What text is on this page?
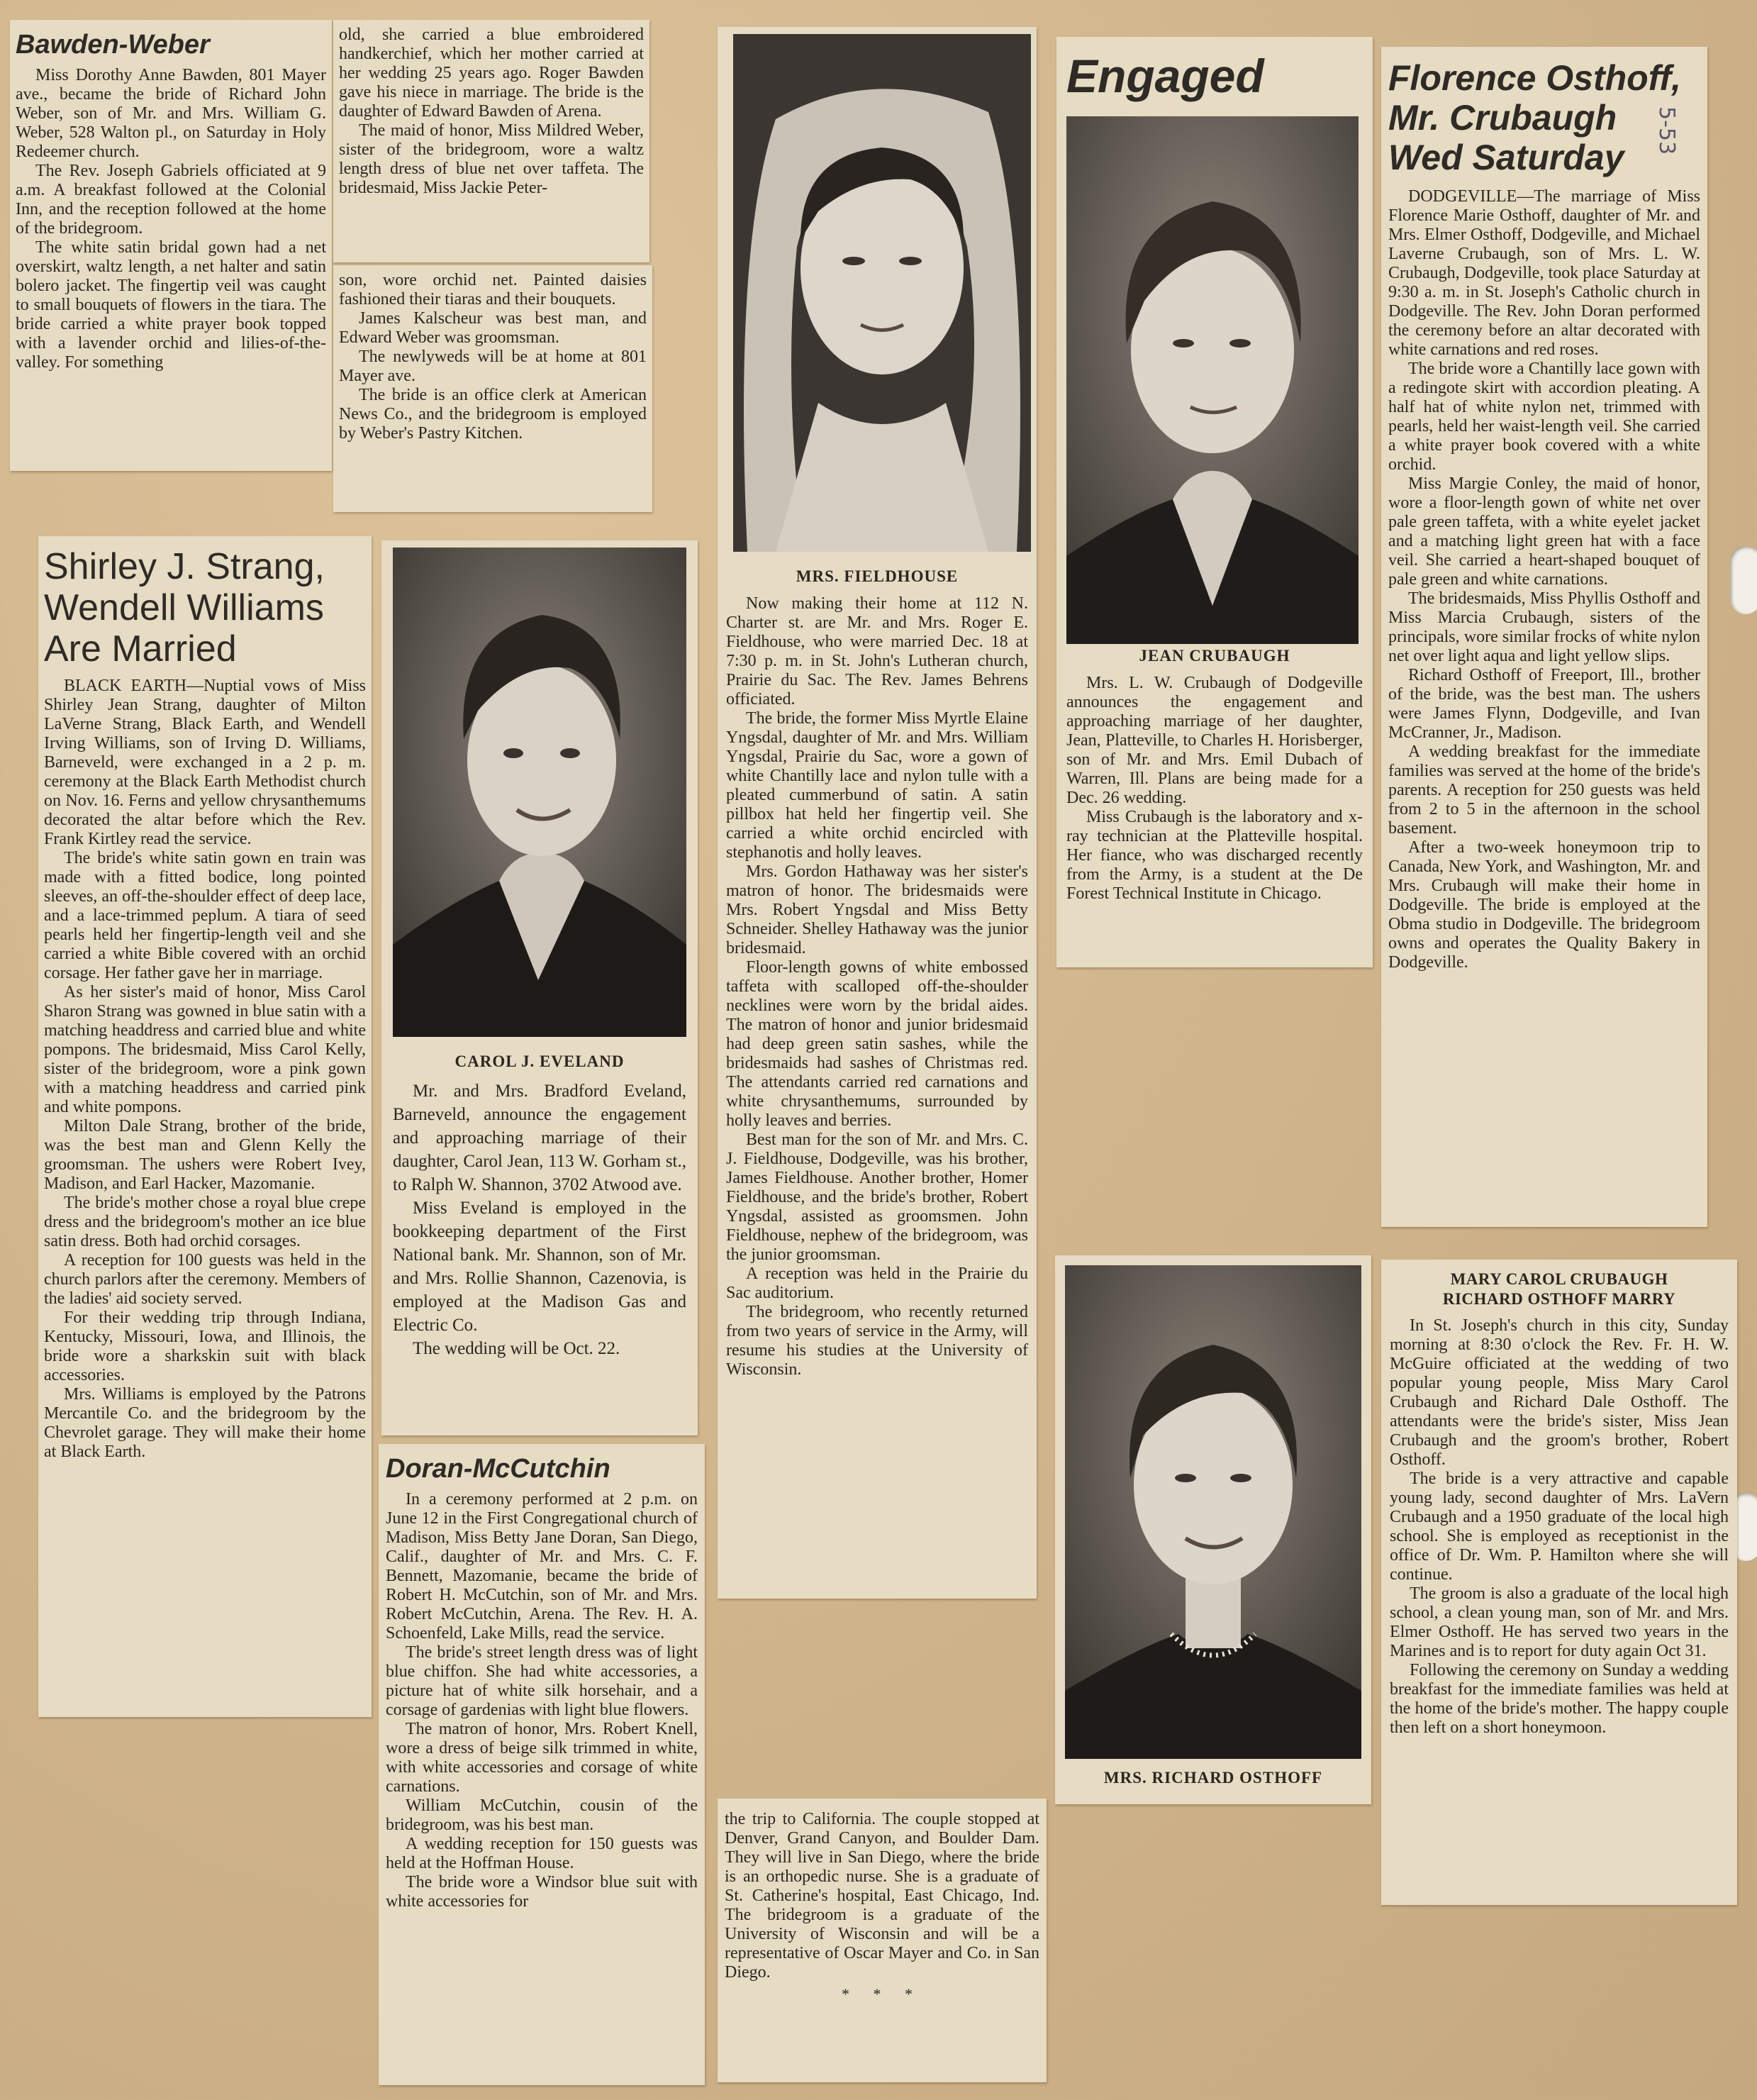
Bawden-Weber

Miss Dorothy Anne Bawden, 801 Mayer ave., became the bride of Richard John Weber, son of Mr. and Mrs. William G. Weber, 528 Walton pl., on Saturday in Holy Redeemer church.

The Rev. Joseph Gabriels officiated at 9 a.m. A breakfast followed at the Colonial Inn, and the reception followed at the home of the bridegroom.

The white satin bridal gown had a net overskirt, waltz length, a net halter and satin bolero jacket. The fingertip veil was caught to small bouquets of flowers in the tiara. The bride carried a white prayer book topped with a lavender orchid and lilies-of-the-valley. For something

old, she carried a blue embroidered handkerchief, which her mother carried at her wedding 25 years ago. Roger Bawden gave his niece in marriage. The bride is the daughter of Edward Bawden of Arena.

The maid of honor, Miss Mildred Weber, sister of the bridegroom, wore a waltz length dress of blue net over taffeta. The bridesmaid, Miss Jackie Peter-

son, wore orchid net. Painted daisies fashioned their tiaras and their bouquets.

James Kalscheur was best man, and Edward Weber was groomsman.

The newlyweds will be at home at 801 Mayer ave.

The bride is an office clerk at American News Co., and the bridegroom is employed by Weber's Pastry Kitchen.

Shirley J. Strang,
Wendell Williams
Are Married

BLACK EARTH—Nuptial vows of Miss Shirley Jean Strang, daughter of Milton LaVerne Strang, Black Earth, and Wendell Irving Williams, son of Irving D. Williams, Barneveld, were exchanged in a 2 p. m. ceremony at the Black Earth Methodist church on Nov. 16. Ferns and yellow chrysanthemums decorated the altar before which the Rev. Frank Kirtley read the service.

The bride's white satin gown en train was made with a fitted bodice, long pointed sleeves, an off-the-shoulder effect of deep lace, and a lace-trimmed peplum. A tiara of seed pearls held her fingertip-length veil and she carried a white Bible covered with an orchid corsage. Her father gave her in marriage.

As her sister's maid of honor, Miss Carol Sharon Strang was gowned in blue satin with a matching headdress and carried blue and white pompons. The bridesmaid, Miss Carol Kelly, sister of the bridegroom, wore a pink gown with a matching headdress and carried pink and white pompons.

Milton Dale Strang, brother of the bride, was the best man and Glenn Kelly the groomsman. The ushers were Robert Ivey, Madison, and Earl Hacker, Mazomanie.

The bride's mother chose a royal blue crepe dress and the bridegroom's mother an ice blue satin dress. Both had orchid corsages.

A reception for 100 guests was held in the church parlors after the ceremony. Members of the ladies' aid society served.

For their wedding trip through Indiana, Kentucky, Missouri, Iowa, and Illinois, the bride wore a sharkskin suit with black accessories.

Mrs. Williams is employed by the Patrons Mercantile Co. and the bridegroom by the Chevrolet garage. They will make their home at Black Earth.

CAROL J. EVELAND

Mr. and Mrs. Bradford Eveland, Barneveld, announce the engagement and approaching marriage of their daughter, Carol Jean, 113 W. Gorham st., to Ralph W. Shannon, 3702 Atwood ave.

Miss Eveland is employed in the bookkeeping department of the First National bank. Mr. Shannon, son of Mr. and Mrs. Rollie Shannon, Cazenovia, is employed at the Madison Gas and Electric Co.

The wedding will be Oct. 22.

Doran-McCutchin

In a ceremony performed at 2 p.m. on June 12 in the First Congregational church of Madison, Miss Betty Jane Doran, San Diego, Calif., daughter of Mr. and Mrs. C. F. Bennett, Mazomanie, became the bride of Robert H. McCutchin, son of Mr. and Mrs. Robert McCutchin, Arena. The Rev. H. A. Schoenfeld, Lake Mills, read the service.

The bride's street length dress was of light blue chiffon. She had white accessories, a picture hat of white silk horsehair, and a corsage of gardenias with light blue flowers.

The matron of honor, Mrs. Robert Knell, wore a dress of beige silk trimmed in white, with white accessories and corsage of white carnations.

William McCutchin, cousin of the bridegroom, was his best man.

A wedding reception for 150 guests was held at the Hoffman House.

The bride wore a Windsor blue suit with white accessories for

the trip to California. The couple stopped at Denver, Grand Canyon, and Boulder Dam. They will live in San Diego, where the bride is an orthopedic nurse. She is a graduate of St. Catherine's hospital, East Chicago, Ind. The bridegroom is a graduate of the University of Wisconsin and will be a representative of Oscar Mayer and Co. in San Diego.

* * *
MRS. FIELDHOUSE

Now making their home at 112 N. Charter st. are Mr. and Mrs. Roger E. Fieldhouse, who were married Dec. 18 at 7:30 p. m. in St. John's Lutheran church, Prairie du Sac. The Rev. James Behrens officiated.

The bride, the former Miss Myrtle Elaine Yngsdal, daughter of Mr. and Mrs. William Yngsdal, Prairie du Sac, wore a gown of white Chantilly lace and nylon tulle with a pleated cummerbund of satin. A satin pillbox hat held her fingertip veil. She carried a white orchid encircled with stephanotis and holly leaves.

Mrs. Gordon Hathaway was her sister's matron of honor. The bridesmaids were Mrs. Robert Yngsdal and Miss Betty Schneider. Shelley Hathaway was the junior bridesmaid.

Floor-length gowns of white embossed taffeta with scalloped off-the-shoulder necklines were worn by the bridal aides. The matron of honor and junior bridesmaid had deep green satin sashes, while the bridesmaids had sashes of Christmas red. The attendants carried red carnations and white chrysanthemums, surrounded by holly leaves and berries.

Best man for the son of Mr. and Mrs. C. J. Fieldhouse, Dodgeville, was his brother, James Fieldhouse. Another brother, Homer Fieldhouse, and the bride's brother, Robert Yngsdal, assisted as groomsmen. John Fieldhouse, nephew of the bridegroom, was the junior groomsman.

A reception was held in the Prairie du Sac auditorium.

The bridegroom, who recently returned from two years of service in the Army, will resume his studies at the University of Wisconsin.

Engaged
JEAN CRUBAUGH

Mrs. L. W. Crubaugh of Dodgeville announces the engagement and approaching marriage of her daughter, Jean, Platteville, to Charles H. Horisberger, son of Mr. and Mrs. Emil Dubach of Warren, Ill. Plans are being made for a Dec. 26 wedding.

Miss Crubaugh is the laboratory and x-ray technician at the Platteville hospital. Her fiance, who was discharged recently from the Army, is a student at the De Forest Technical Institute in Chicago.

Florence Osthoff,
Mr. Crubaugh
Wed Saturday

DODGEVILLE—The marriage of Miss Florence Marie Osthoff, daughter of Mr. and Mrs. Elmer Osthoff, Dodgeville, and Michael Laverne Crubaugh, son of Mrs. L. W. Crubaugh, Dodgeville, took place Saturday at 9:30 a. m. in St. Joseph's Catholic church in Dodgeville. The Rev. John Doran performed the ceremony before an altar decorated with white carnations and red roses.

The bride wore a Chantilly lace gown with a redingote skirt with accordion pleating. A half hat of white nylon net, trimmed with pearls, held her waist-length veil. She carried a white prayer book covered with a white orchid.

Miss Margie Conley, the maid of honor, wore a floor-length gown of white net over pale green taffeta, with a white eyelet jacket and a matching light green hat with a face veil. She carried a heart-shaped bouquet of pale green and white carnations.

The bridesmaids, Miss Phyllis Osthoff and Miss Marcia Crubaugh, sisters of the principals, wore similar frocks of white nylon net over light aqua and light yellow slips.

Richard Osthoff of Freeport, Ill., brother of the bride, was the best man. The ushers were James Flynn, Dodgeville, and Ivan McCranner, Jr., Madison.

A wedding breakfast for the immediate families was served at the home of the bride's parents. A reception for 250 guests was held from 2 to 5 in the afternoon in the school basement.

After a two-week honeymoon trip to Canada, New York, and Washington, Mr. and Mrs. Crubaugh will make their home in Dodgeville. The bride is employed at the Obma studio in Dodgeville. The bridegroom owns and operates the Quality Bakery in Dodgeville.

5-53
MRS. RICHARD OSTHOFF
MARY CAROL CRUBAUGH
RICHARD OSTHOFF MARRY

In St. Joseph's church in this city, Sunday morning at 8:30 o'clock the Rev. Fr. H. W. McGuire officiated at the wedding of two popular young people, Miss Mary Carol Crubaugh and Richard Dale Osthoff. The attendants were the bride's sister, Miss Jean Crubaugh and the groom's brother, Robert Osthoff.

The bride is a very attractive and capable young lady, second daughter of Mrs. LaVern Crubaugh and a 1950 graduate of the local high school. She is employed as receptionist in the office of Dr. Wm. P. Hamilton where she will continue.

The groom is also a graduate of the local high school, a clean young man, son of Mr. and Mrs. Elmer Osthoff. He has served two years in the Marines and is to report for duty again Oct 31.

Following the ceremony on Sunday a wedding breakfast for the immediate families was held at the home of the bride's mother. The happy couple then left on a short honeymoon.
